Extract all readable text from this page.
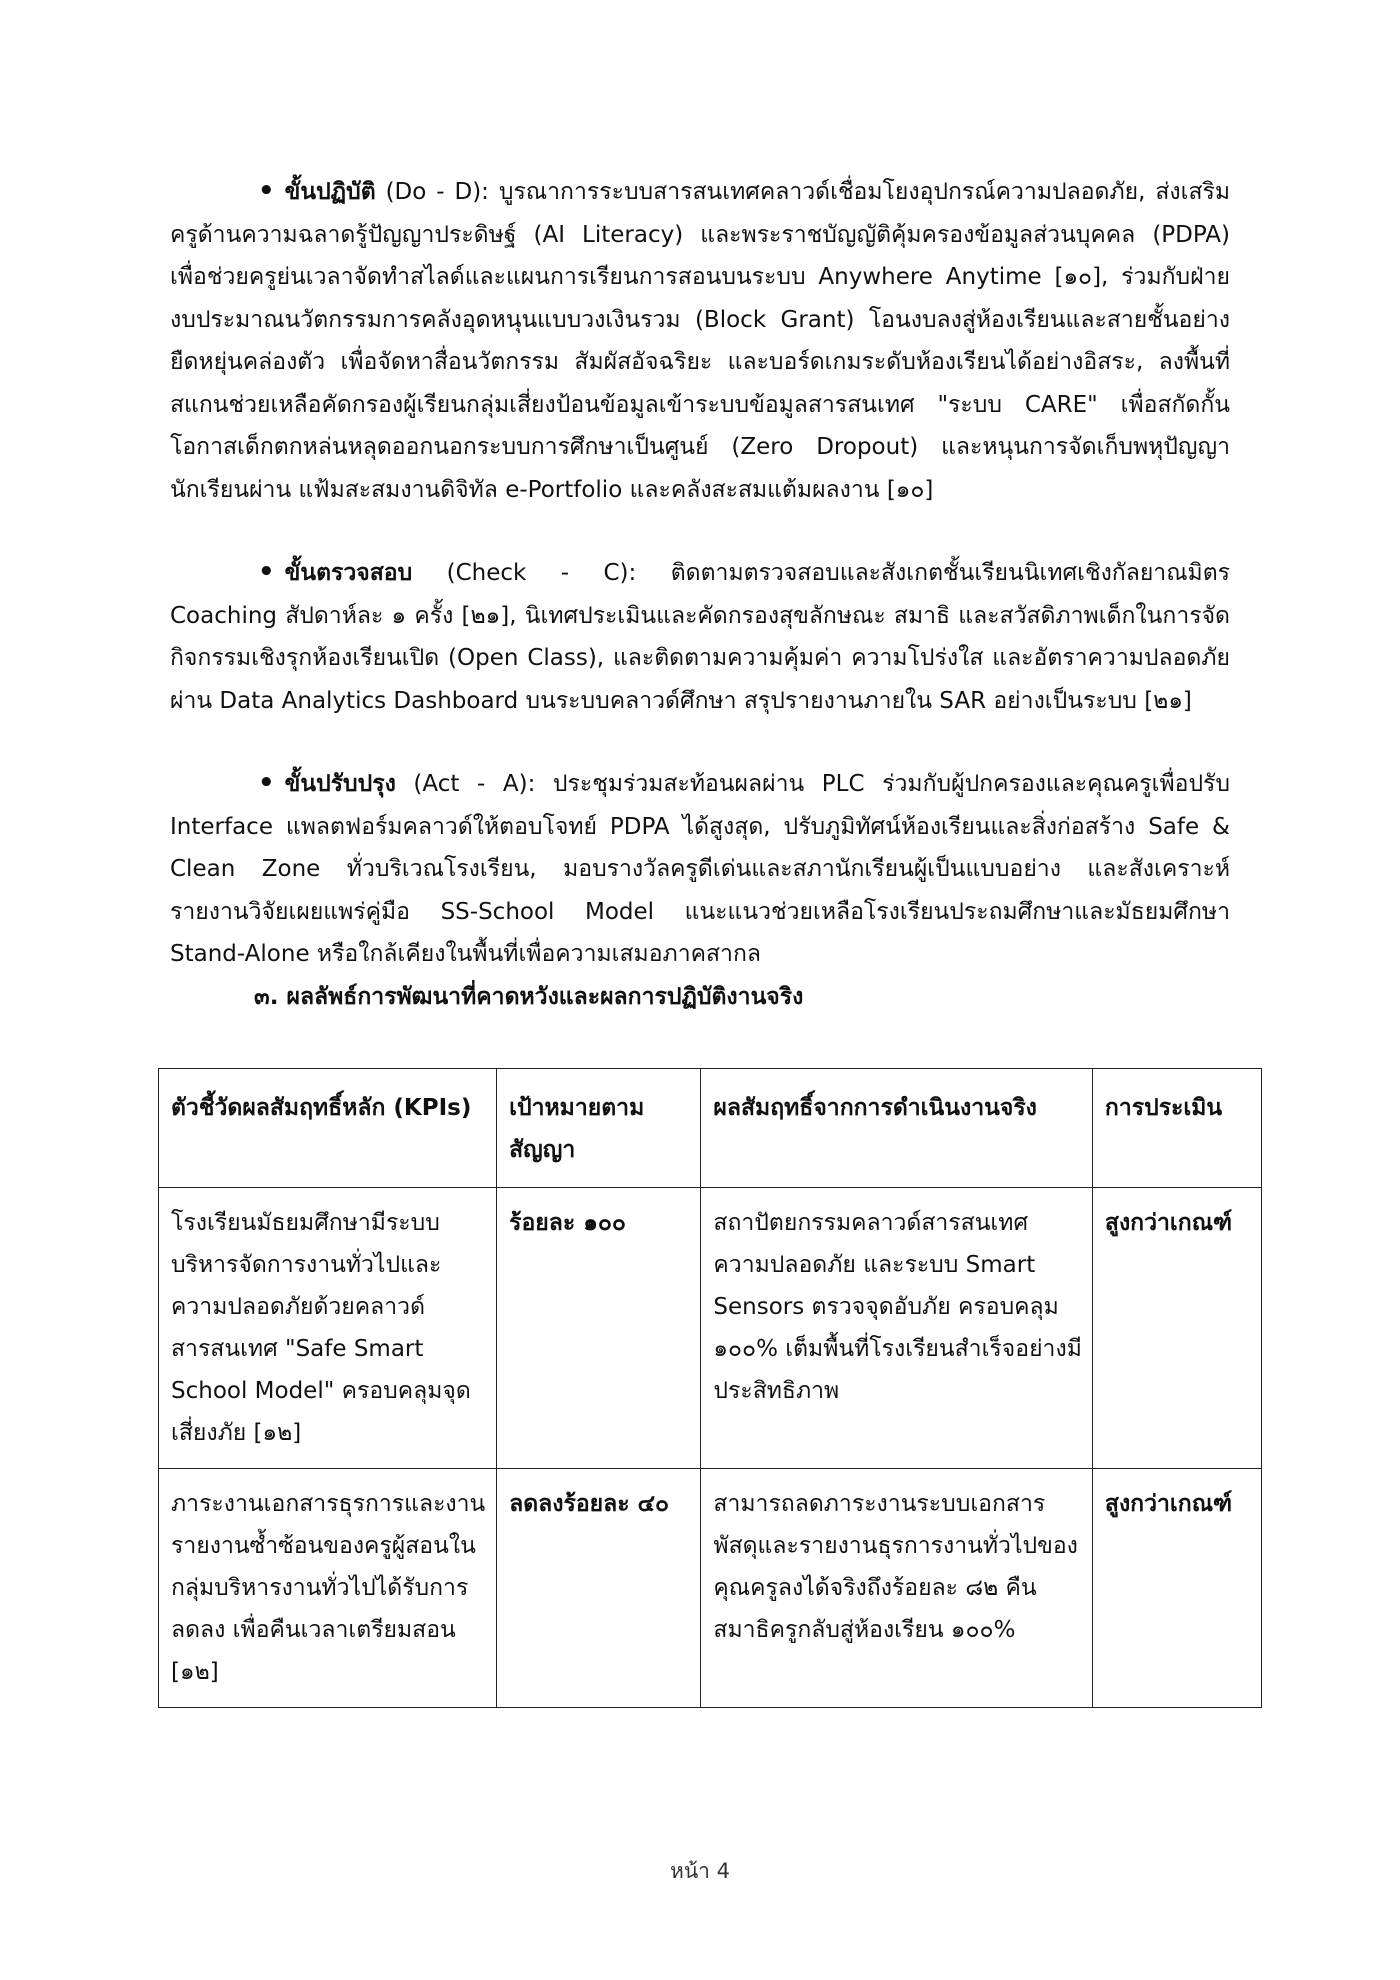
• ขั้นปฏิบัติ (Do - D): บูรณาการระบบสารสนเทศคลาวด์เชื่อมโยงอุปกรณ์ความปลอดภัย, ส่งเสริมครูด้านความฉลาดรู้ปัญญาประดิษฐ์ (AI Literacy) และพระราชบัญญัติคุ้มครองข้อมูลส่วนบุคคล (PDPA) เพื่อช่วยครูย่นเวลาจัดทำสไลด์และแผนการเรียนการสอนบนระบบ Anywhere Anytime [๑๐], ร่วมกับฝ่ายงบประมาณนวัตกรรมการคลังอุดหนุนแบบวงเงินรวม (Block Grant) โอนงบลงสู่ห้องเรียนและสายชั้นอย่างยืดหยุ่นคล่องตัว เพื่อจัดหาสื่อนวัตกรรม สัมผัสอัจฉริยะ และบอร์ดเกมระดับห้องเรียนได้อย่างอิสระ, ลงพื้นที่สแกนช่วยเหลือคัดกรองผู้เรียนกลุ่มเสี่ยงป้อนข้อมูลเข้าระบบข้อมูลสารสนเทศ "ระบบ CARE" เพื่อสกัดกั้นโอกาสเด็กตกหล่นหลุดออกนอกระบบการศึกษาเป็นศูนย์ (Zero Dropout) และหนุนการจัดเก็บพหุปัญญานักเรียนผ่าน แฟ้มสะสมงานดิจิทัล e-Portfolio และคลังสะสมแต้มผลงาน [๑๐]

• ขั้นตรวจสอบ (Check - C): ติดตามตรวจสอบและสังเกตชั้นเรียนนิเทศเชิงกัลยาณมิตร Coaching สัปดาห์ละ ๑ ครั้ง [๒๑], นิเทศประเมินและคัดกรองสุขลักษณะ สมาธิ และสวัสดิภาพเด็กในการจัดกิจกรรมเชิงรุกห้องเรียนเปิด (Open Class), และติดตามความคุ้มค่า ความโปร่งใส และอัตราความปลอดภัยผ่าน Data Analytics Dashboard บนระบบคลาวด์ศึกษา สรุปรายงานภายใน SAR อย่างเป็นระบบ [๒๑]

• ขั้นปรับปรุง (Act - A): ประชุมร่วมสะท้อนผลผ่าน PLC ร่วมกับผู้ปกครองและคุณครูเพื่อปรับ Interface แพลตฟอร์มคลาวด์ให้ตอบโจทย์ PDPA ได้สูงสุด, ปรับภูมิทัศน์ห้องเรียนและสิ่งก่อสร้าง Safe & Clean Zone ทั่วบริเวณโรงเรียน, มอบรางวัลครูดีเด่นและสภานักเรียนผู้เป็นแบบอย่าง และสังเคราะห์รายงานวิจัยเผยแพร่คู่มือ SS-School Model แนะแนวช่วยเหลือโรงเรียนประถมศึกษาและมัธยมศึกษา Stand-Alone หรือใกล้เคียงในพื้นที่เพื่อความเสมอภาคสากล

๓. ผลลัพธ์การพัฒนาที่คาดหวังและผลการปฏิบัติงานจริง
ตัวชี้วัดผลสัมฤทธิ์หลัก (KPIs)	เป้าหมายตามสัญญา	ผลสัมฤทธิ์จากการดำเนินงานจริง	การประเมิน
โรงเรียนมัธยมศึกษามีระบบบริหารจัดการงานทั่วไปและความปลอดภัยด้วยคลาวด์สารสนเทศ "Safe Smart School Model" ครอบคลุมจุดเสี่ยงภัย [๑๒]	ร้อยละ ๑๐๐	สถาปัตยกรรมคลาวด์สารสนเทศความปลอดภัย และระบบ Smart Sensors ตรวจจุดอับภัย ครอบคลุม ๑๐๐% เต็มพื้นที่โรงเรียนสำเร็จอย่างมีประสิทธิภาพ	สูงกว่าเกณฑ์
ภาระงานเอกสารธุรการและงานรายงานซ้ำซ้อนของครูผู้สอนในกลุ่มบริหารงานทั่วไปได้รับการลดลง เพื่อคืนเวลาเตรียมสอน [๑๒]	ลดลงร้อยละ ๔๐	สามารถลดภาระงานระบบเอกสารพัสดุและรายงานธุรการงานทั่วไปของคุณครูลงได้จริงถึงร้อยละ ๘๒ คืนสมาธิครูกลับสู่ห้องเรียน ๑๐๐%	สูงกว่าเกณฑ์
หน้า 4
